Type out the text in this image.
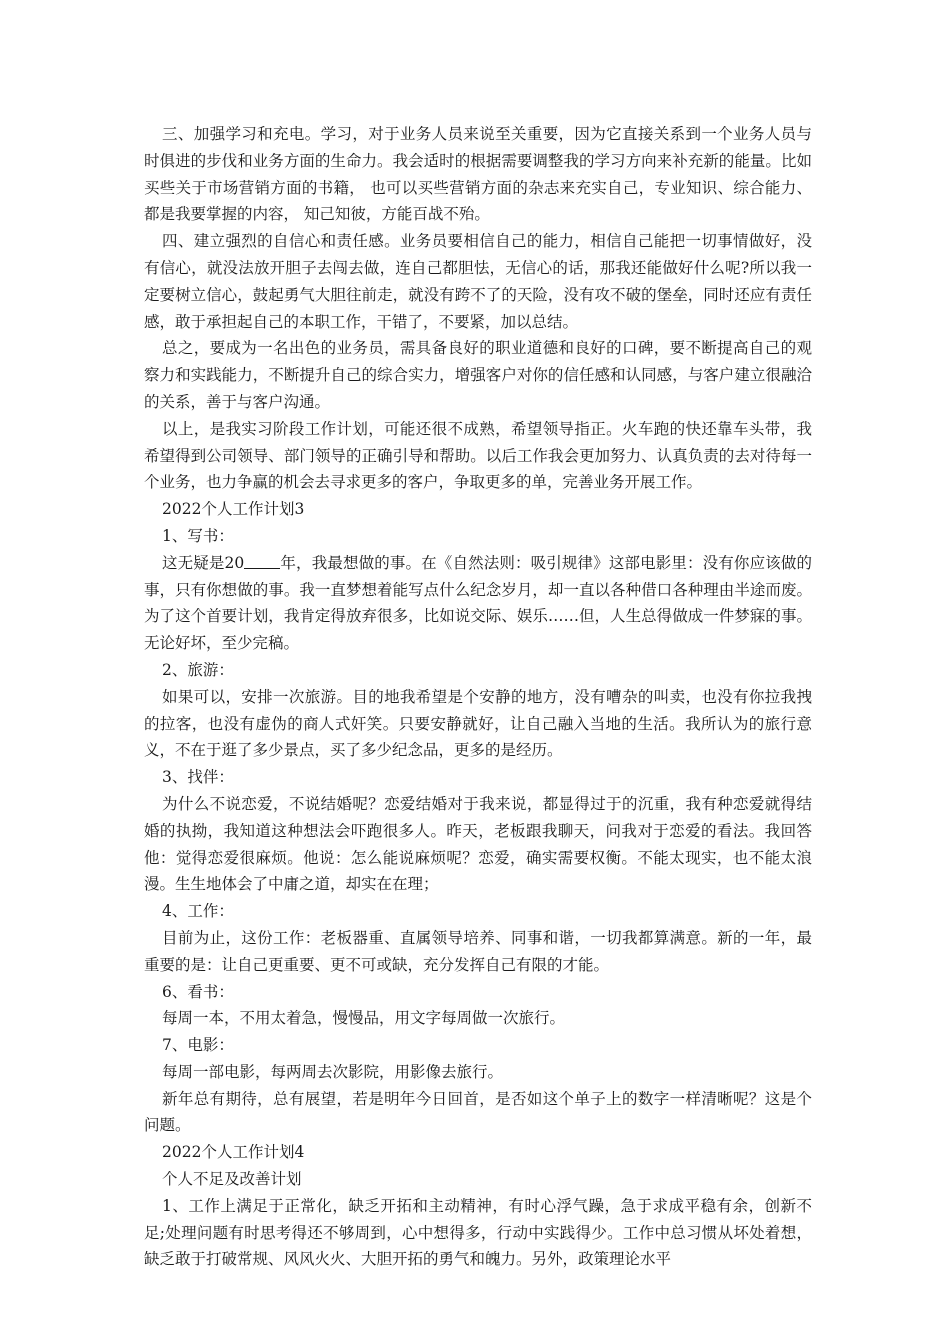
三、加强学习和充电。学习，对于业务人员来说至关重要，因为它直接关系到一个业务人员与时俱进的步伐和业务方面的生命力。我会适时的根据需要调整我的学习方向来补充新的能量。比如买些关于市场营销方面的书籍， 也可以买些营销方面的杂志来充实自己，专业知识、综合能力、都是我要掌握的内容， 知己知彼，方能百战不殆。

四、建立强烈的自信心和责任感。业务员要相信自己的能力，相信自己能把一切事情做好，没有信心，就没法放开胆子去闯去做，连自己都胆怯，无信心的话，那我还能做好什么呢?所以我一定要树立信心，鼓起勇气大胆往前走，就没有跨不了的天险，没有攻不破的堡垒，同时还应有责任感，敢于承担起自己的本职工作，干错了，不要紧，加以总结。

总之，要成为一名出色的业务员，需具备良好的职业道德和良好的口碑，要不断提高自己的观察力和实践能力，不断提升自己的综合实力，增强客户对你的信任感和认同感，与客户建立很融洽的关系，善于与客户沟通。

以上，是我实习阶段工作计划，可能还很不成熟，希望领导指正。火车跑的快还靠车头带，我希望得到公司领导、部门领导的正确引导和帮助。以后工作我会更加努力、认真负责的去对待每一个业务，也力争赢的机会去寻求更多的客户，争取更多的单，完善业务开展工作。

2022个人工作计划3

1、写书：

这无疑是20 年，我最想做的事。在《自然法则：吸引规律》这部电影里：没有你应该做的事，只有你想做的事。我一直梦想着能写点什么纪念岁月，却一直以各种借口各种理由半途而废。为了这个首要计划，我肯定得放弃很多，比如说交际、娱乐……但，人生总得做成一件梦寐的事。无论好坏，至少完稿。

2、旅游：

如果可以，安排一次旅游。目的地我希望是个安静的地方，没有嘈杂的叫卖，也没有你拉我拽的拉客，也没有虚伪的商人式奸笑。只要安静就好，让自己融入当地的生活。我所认为的旅行意义，不在于逛了多少景点，买了多少纪念品，更多的是经历。

3、找伴：

为什么不说恋爱，不说结婚呢？恋爱结婚对于我来说，都显得过于的沉重，我有种恋爱就得结婚的执拗，我知道这种想法会吓跑很多人。昨天，老板跟我聊天，问我对于恋爱的看法。我回答他：觉得恋爱很麻烦。他说：怎么能说麻烦呢？恋爱，确实需要权衡。不能太现实，也不能太浪漫。生生地体会了中庸之道，却实在在理；

4、工作：

目前为止，这份工作：老板器重、直属领导培养、同事和谐，一切我都算满意。新的一年，最重要的是：让自己更重要、更不可或缺，充分发挥自己有限的才能。

6、看书：

每周一本，不用太着急，慢慢品，用文字每周做一次旅行。

7、电影：

每周一部电影，每两周去次影院，用影像去旅行。

新年总有期待，总有展望，若是明年今日回首，是否如这个单子上的数字一样清晰呢？这是个问题。

2022个人工作计划4

个人不足及改善计划

1、工作上满足于正常化，缺乏开拓和主动精神，有时心浮气躁，急于求成平稳有余，创新不足;处理问题有时思考得还不够周到，心中想得多，行动中实践得少。工作中总习惯从坏处着想，缺乏敢于打破常规、风风火火、大胆开拓的勇气和魄力。另外，政策理论水平
